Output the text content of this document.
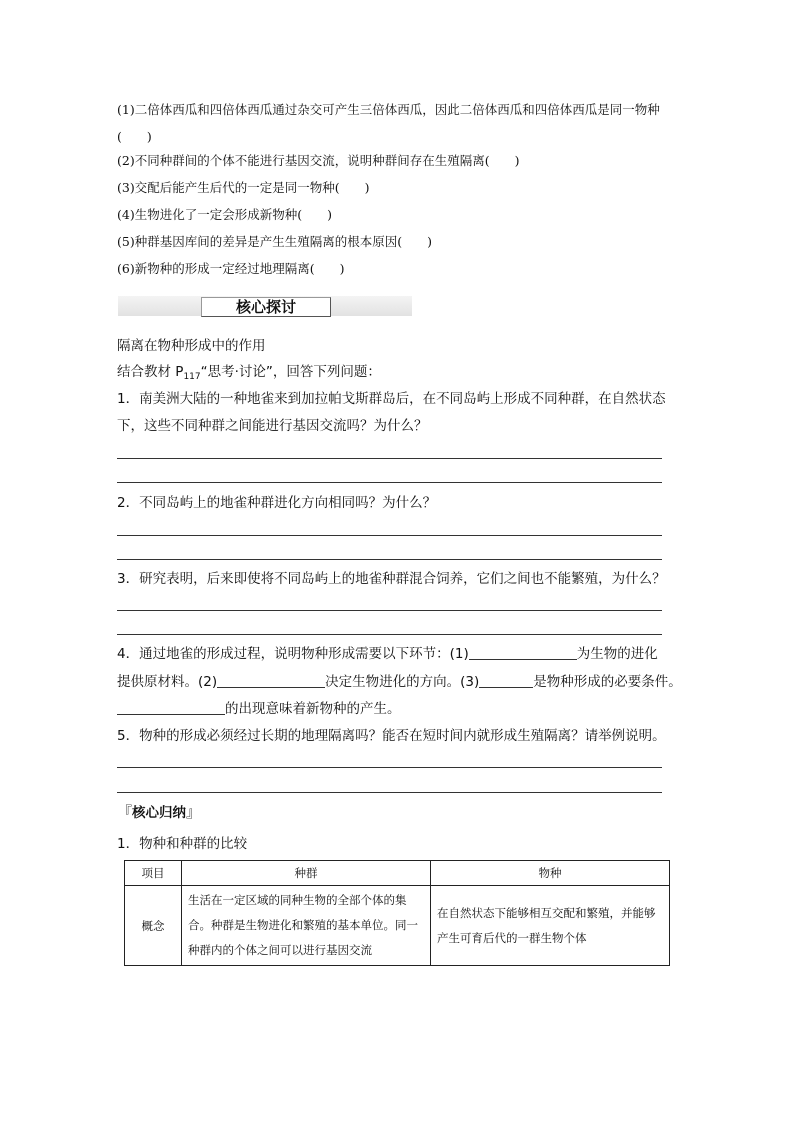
(1)二倍体西瓜和四倍体西瓜通过杂交可产生三倍体西瓜，因此二倍体西瓜和四倍体西瓜是同一物种(　　)
(2)不同种群间的个体不能进行基因交流，说明种群间存在生殖隔离(　　)
(3)交配后能产生后代的一定是同一物种(　　)
(4)生物进化了一定会形成新物种(　　)
(5)种群基因库间的差异是产生生殖隔离的根本原因(　　)
(6)新物种的形成一定经过地理隔离(　　)
核心探讨
隔离在物种形成中的作用
结合教材 $P_{117}“$思考·讨论”，回答下列问题：
1．南美洲大陆的一种地雀来到加拉帕戈斯群岛后，在不同岛屿上形成不同种群，在自然状态
下，这些不同种群之间能进行基因交流吗？为什么？
2．不同岛屿上的地雀种群进化方向相同吗？为什么？
3．研究表明，后来即使将不同岛屿上的地雀种群混合饲养，它们之间也不能繁殖，为什么？
4．通过地雀的形成过程，说明物种形成需要以下环节：(1)	为生物的进化
提供原材料。(2)	决定生物进化的方向。(3)	是物种形成的必要条件。
的出现意味着新物种的产生。
5．物种的形成必须经过长期的地理隔离吗？能否在短时间内就形成生殖隔离？请举例说明。
『核心归纳』
1．物种和种群的比较
项目	种群	物种
概念	生活在一定区域的同种生物的全部个体的集合。种群是生物进化和繁殖的基本单位。同一种群内的个体之间可以进行基因交流	在自然状态下能够相互交配和繁殖，并能够产生可育后代的一群生物个体
